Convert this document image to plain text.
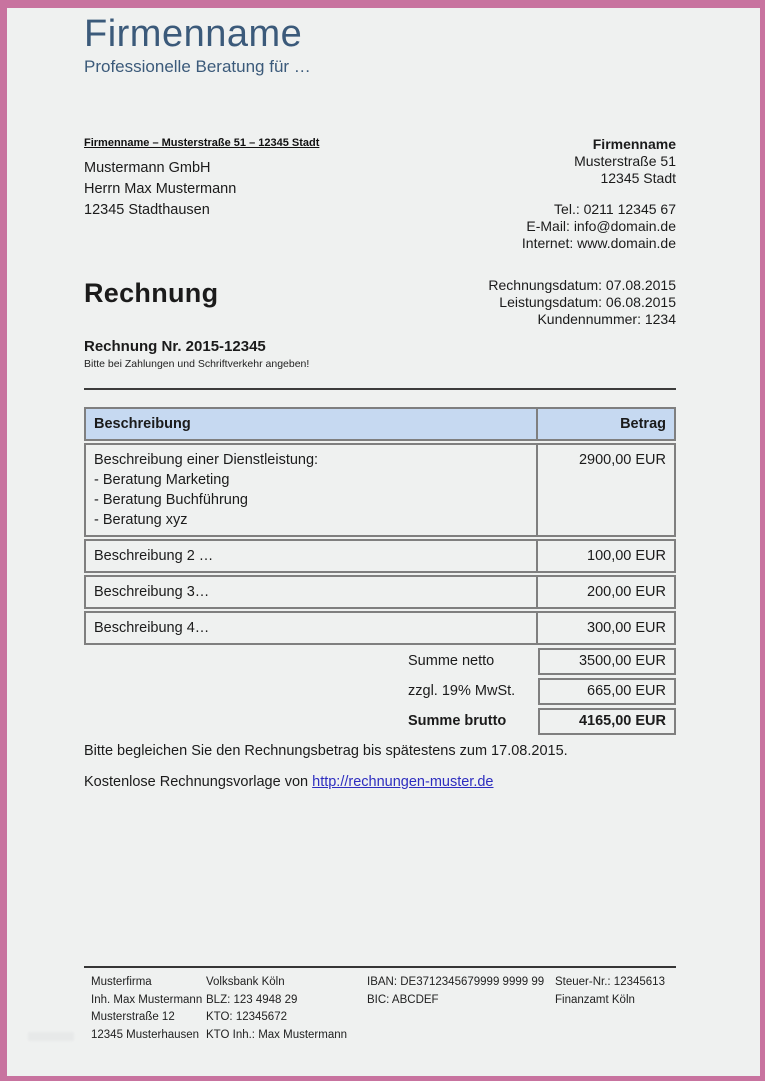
Firmenname
Professionelle Beratung für …
Firmenname – Musterstraße 51 – 12345 Stadt
Mustermann GmbH
Herrn Max Mustermann
12345 Stadthausen
Firmenname
Musterstraße 51
12345 Stadt
Tel.: 0211 12345 67
E-Mail: info@domain.de
Internet: www.domain.de
Rechnung	Rechnungsdatum: 07.08.2015
Leistungsdatum: 06.08.2015
Kundennummer: 1234
Rechnung Nr. 2015-12345
Bitte bei Zahlungen und Schriftverkehr angeben!
Beschreibung	Betrag
Beschreibung einer Dienstleistung:
- Beratung Marketing
- Beratung Buchführung
- Beratung xyz
2900,00 EUR
Beschreibung 2 …	100,00 EUR
Beschreibung 3…	200,00 EUR
Beschreibung 4…	300,00 EUR
Summe netto	3500,00 EUR
zzgl. 19% MwSt.	665,00 EUR
Summe brutto	4165,00 EUR
Bitte begleichen Sie den Rechnungsbetrag bis spätestens zum 17.08.2015.
Kostenlose Rechnungsvorlage von http://rechnungen-muster.de
Musterfirma
Inh. Max Mustermann
Musterstraße 12
12345 Musterhausen
Volksbank Köln
BLZ: 123 4948 29
KTO: 12345672
KTO Inh.: Max Mustermann
IBAN: DE3712345679999 9999 99
BIC: ABCDEF
Steuer-Nr.: 12345613
Finanzamt Köln
